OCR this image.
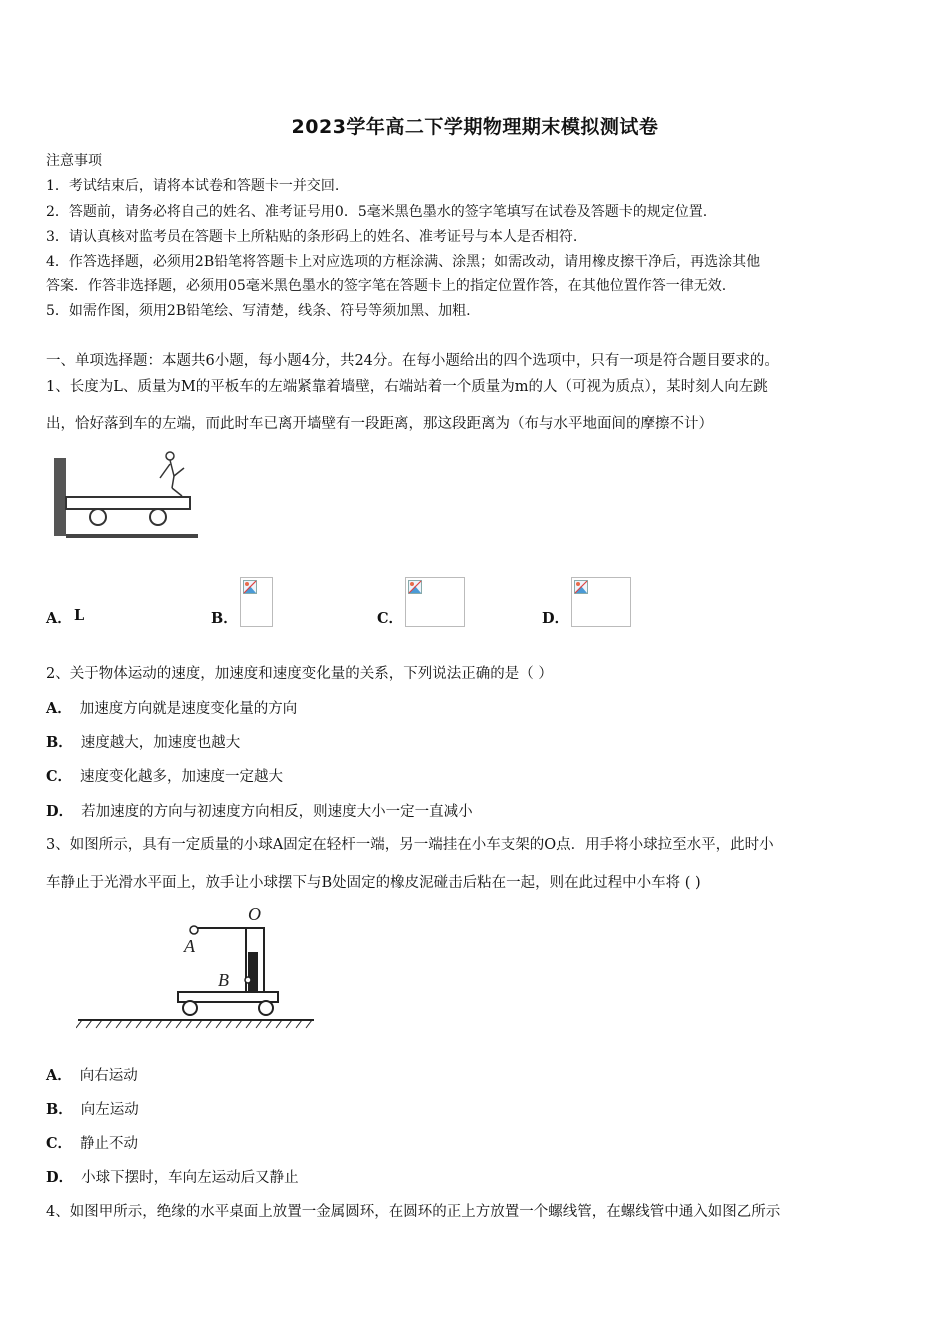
2023学年高二下学期物理期末模拟测试卷
注意事项
1．考试结束后，请将本试卷和答题卡一并交回.
2．答题前，请务必将自己的姓名、准考证号用0．5毫米黑色墨水的签字笔填写在试卷及答题卡的规定位置.
3．请认真核对监考员在答题卡上所粘贴的条形码上的姓名、准考证号与本人是否相符.
4．作答选择题，必须用2B铅笔将答题卡上对应选项的方框涂满、涂黑；如需改动，请用橡皮擦干净后，再选涂其他
答案．作答非选择题，必须用05毫米黑色墨水的签字笔在答题卡上的指定位置作答，在其他位置作答一律无效.
5．如需作图，须用2B铅笔绘、写清楚，线条、符号等须加黑、加粗.
一、单项选择题：本题共6小题，每小题4分，共24分。在每小题给出的四个选项中，只有一项是符合题目要求的。
1、长度为L、质量为M的平板车的左端紧靠着墙壁，右端站着一个质量为m的人（可视为质点），某时刻人向左跳
出，恰好落到车的左端，而此时车已离开墙壁有一段距离，那这段距离为（布与水平地面间的摩擦不计）
A． L	B．	C．	D．
2、关于物体运动的速度，加速度和速度变化量的关系，下列说法正确的是（ ）
A． 加速度方向就是速度变化量的方向
B． 速度越大，加速度也越大
C． 速度变化越多，加速度一定越大
D． 若加速度的方向与初速度方向相反，则速度大小一定一直减小
3、如图所示，具有一定质量的小球A固定在轻杆一端，另一端挂在小车支架的O点．用手将小球拉至水平，此时小
车静止于光滑水平面上，放手让小球摆下与B处固定的橡皮泥碰击后粘在一起，则在此过程中小车将 ( )
O
A
B
A． 向右运动
B． 向左运动
C． 静止不动
D． 小球下摆时，车向左运动后又静止
4、如图甲所示，绝缘的水平桌面上放置一金属圆环，在圆环的正上方放置一个螺线管，在螺线管中通入如图乙所示
